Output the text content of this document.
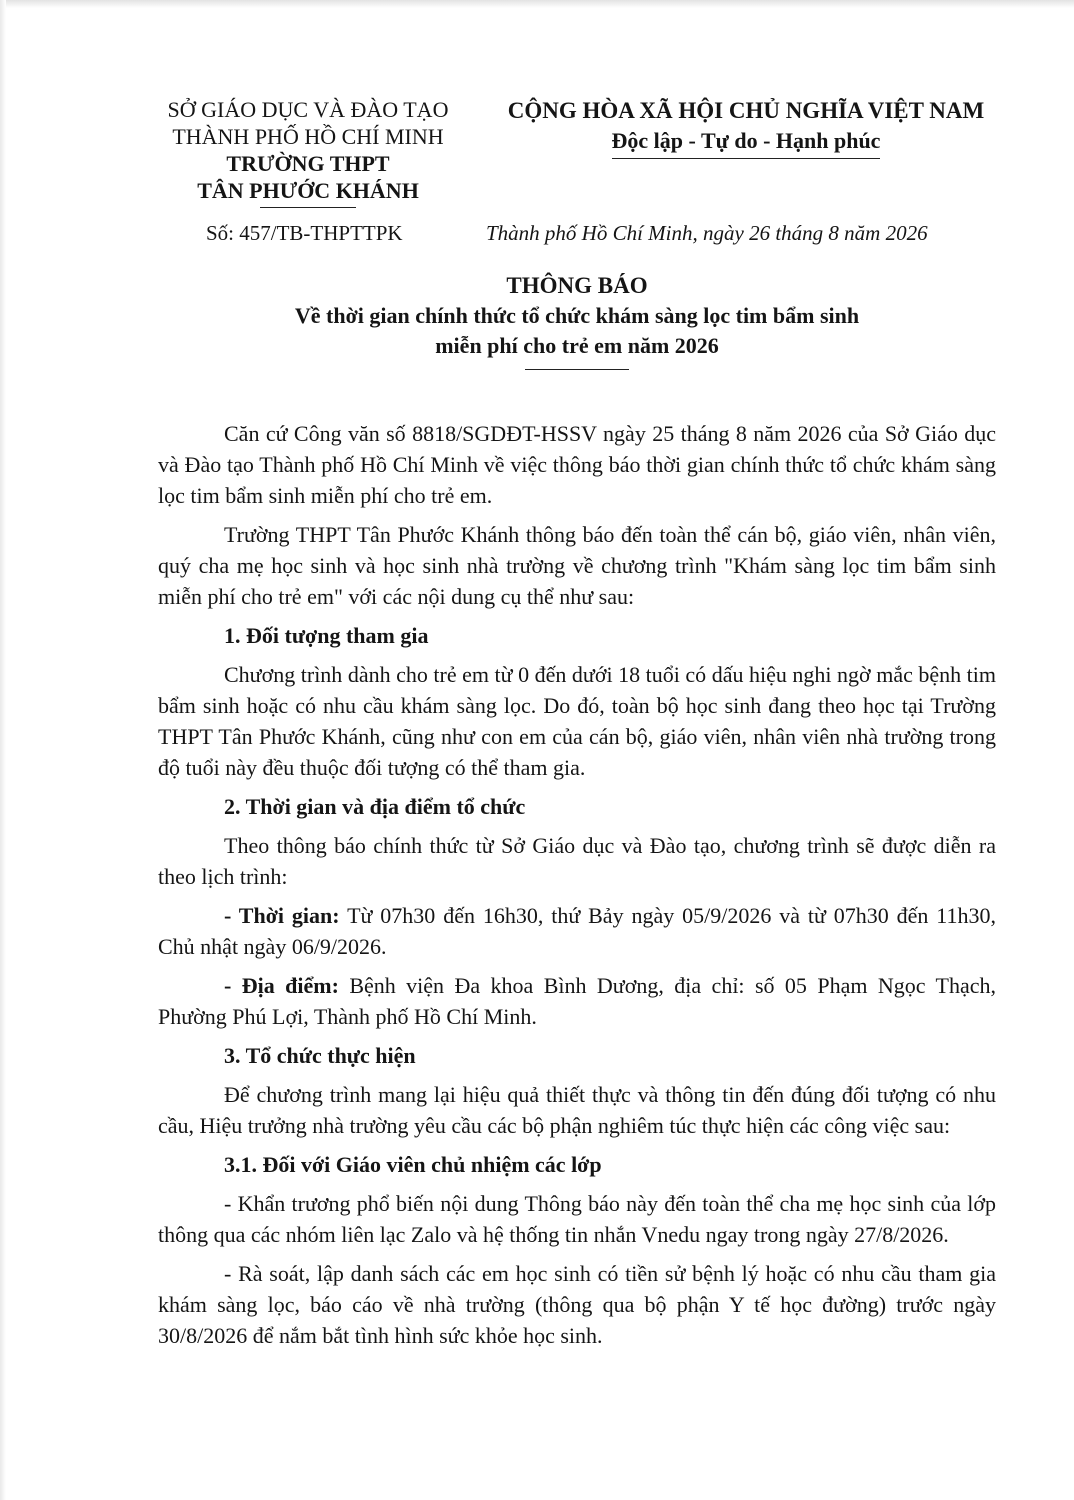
SỞ GIÁO DỤC VÀ ĐÀO TẠO
THÀNH PHỐ HỒ CHÍ MINH
TRƯỜNG THPT
TÂN PHƯỚC KHÁNH
CỘNG HÒA XÃ HỘI CHỦ NGHĨA VIỆT NAM
Độc lập - Tự do - Hạnh phúc
Số: 457/TB-THPTTPK	Thành phố Hồ Chí Minh, ngày 26 tháng 8 năm 2026
THÔNG BÁO
Về thời gian chính thức tổ chức khám sàng lọc tim bẩm sinh
miễn phí cho trẻ em năm 2026

Căn cứ Công văn số 8818/SGDĐT-HSSV ngày 25 tháng 8 năm 2026 của Sở Giáo dục và Đào tạo Thành phố Hồ Chí Minh về việc thông báo thời gian chính thức tổ chức khám sàng lọc tim bẩm sinh miễn phí cho trẻ em.

Trường THPT Tân Phước Khánh thông báo đến toàn thể cán bộ, giáo viên, nhân viên, quý cha mẹ học sinh và học sinh nhà trường về chương trình "Khám sàng lọc tim bẩm sinh miễn phí cho trẻ em" với các nội dung cụ thể như sau:

1. Đối tượng tham gia

Chương trình dành cho trẻ em từ 0 đến dưới 18 tuổi có dấu hiệu nghi ngờ mắc bệnh tim bẩm sinh hoặc có nhu cầu khám sàng lọc. Do đó, toàn bộ học sinh đang theo học tại Trường THPT Tân Phước Khánh, cũng như con em của cán bộ, giáo viên, nhân viên nhà trường trong độ tuổi này đều thuộc đối tượng có thể tham gia.

2. Thời gian và địa điểm tổ chức

Theo thông báo chính thức từ Sở Giáo dục và Đào tạo, chương trình sẽ được diễn ra theo lịch trình:

- Thời gian: Từ 07h30 đến 16h30, thứ Bảy ngày 05/9/2026 và từ 07h30 đến 11h30, Chủ nhật ngày 06/9/2026.

- Địa điểm: Bệnh viện Đa khoa Bình Dương, địa chỉ: số 05 Phạm Ngọc Thạch, Phường Phú Lợi, Thành phố Hồ Chí Minh.

3. Tổ chức thực hiện

Để chương trình mang lại hiệu quả thiết thực và thông tin đến đúng đối tượng có nhu cầu, Hiệu trưởng nhà trường yêu cầu các bộ phận nghiêm túc thực hiện các công việc sau:

3.1. Đối với Giáo viên chủ nhiệm các lớp

- Khẩn trương phổ biến nội dung Thông báo này đến toàn thể cha mẹ học sinh của lớp thông qua các nhóm liên lạc Zalo và hệ thống tin nhắn Vnedu ngay trong ngày 27/8/2026.

- Rà soát, lập danh sách các em học sinh có tiền sử bệnh lý hoặc có nhu cầu tham gia khám sàng lọc, báo cáo về nhà trường (thông qua bộ phận Y tế học đường) trước ngày 30/8/2026 để nắm bắt tình hình sức khỏe học sinh.
